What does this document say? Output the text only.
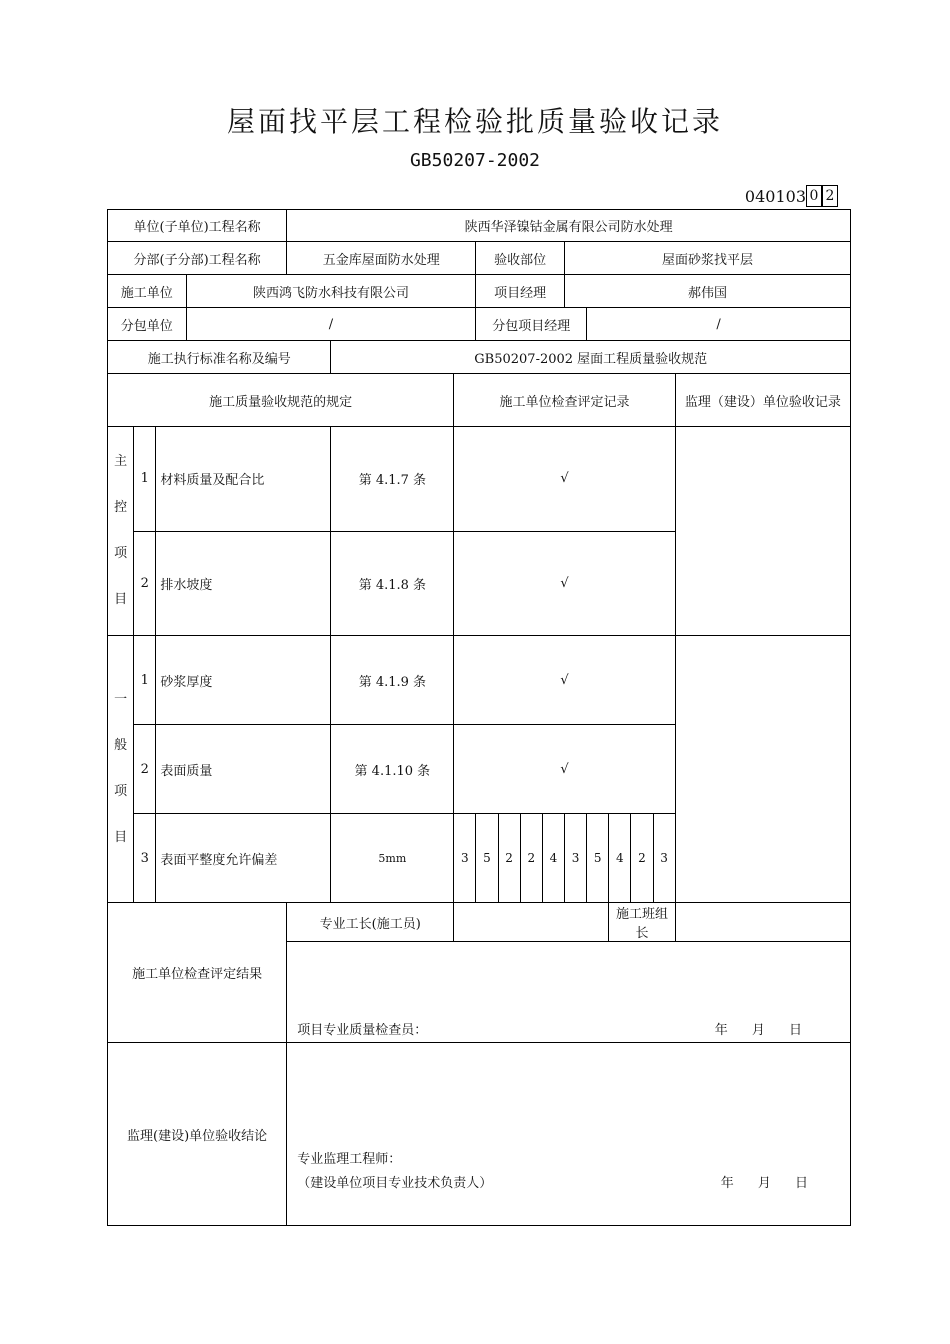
屋面找平层工程检验批质量验收记录
GB50207-2002
04010 3 0 2
单位(子单位)工程名称				陕西华泽镍钴金属有限公司防水处理												
分部(子分部)工程名称				五金库屋面防水处理			验收部位				屋面砂浆找平层					
施工单位			陕西鸿飞防水科技有限公司				项目经理				郝伟国					
分包单位			/				分包项目经理					/				
施工执行标准名称及编号					GB50207-2002 屋面工程质量验收规范											
施工质量验收规范的规定						施工单位检查评定记录										监理（建设）单位验收记录

主
控
项
目	1	材料质量及配合比			第 4.1.7 条	√										
	2	排水坡度			第 4.1.8 条	√										

一
般
项
目	1	砂浆厚度			第 4.1.9 条	√										
	2	表面质量			第 4.1.10 条	√										
	3	表面平整度允许偏差			5mm	3	5	2	2	4	3	5	4	2	3	
施工单位检查评定结果				专业工长(施工员)									施工班组长			

				项目专业质量检查员： 年 月 日												

监理(建设)单位验收结论				专业监理工程师：
（建设单位项目专业技术负责人） 年 月 日												
